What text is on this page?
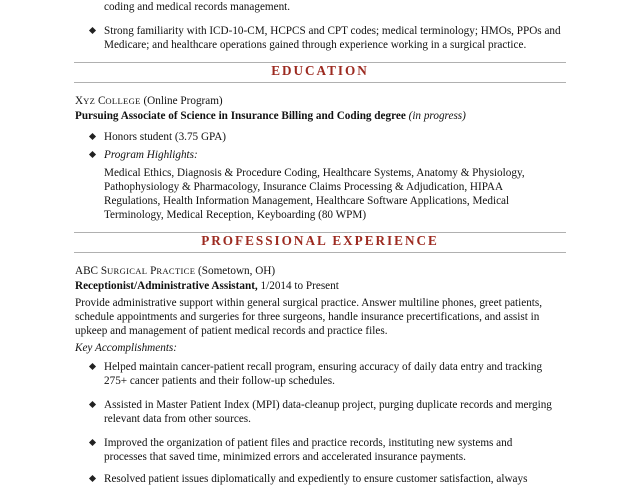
coding and medical records management.
Strong familiarity with ICD-10-CM, HCPCS and CPT codes; medical terminology; HMOs, PPOs and
Medicare; and healthcare operations gained through experience working in a surgical practice.
EDUCATION
XYZ COLLEGE (Online Program)
Pursuing Associate of Science in Insurance Billing and Coding degree (in progress)
Honors student (3.75 GPA)
Program Highlights:
Medical Ethics, Diagnosis & Procedure Coding, Healthcare Systems, Anatomy & Physiology,
Pathophysiology & Pharmacology, Insurance Claims Processing & Adjudication, HIPAA
Regulations, Health Information Management, Healthcare Software Applications, Medical
Terminology, Medical Reception, Keyboarding (80 WPM)
PROFESSIONAL EXPERIENCE
ABC SURGICAL PRACTICE (Sometown, OH)
Receptionist/Administrative Assistant, 1/2014 to Present
Provide administrative support within general surgical practice. Answer multiline phones, greet patients,
schedule appointments and surgeries for three surgeons, handle insurance precertifications, and assist in
upkeep and management of patient medical records and practice files.
Key Accomplishments:
Helped maintain cancer-patient recall program, ensuring accuracy of daily data entry and tracking
275+ cancer patients and their follow-up schedules.
Assisted in Master Patient Index (MPI) data-cleanup project, purging duplicate records and merging
relevant data from other sources.
Improved the organization of patient files and practice records, instituting new systems and
processes that saved time, minimized errors and accelerated insurance payments.
Resolved patient issues diplomatically and expediently to ensure customer satisfaction, always
